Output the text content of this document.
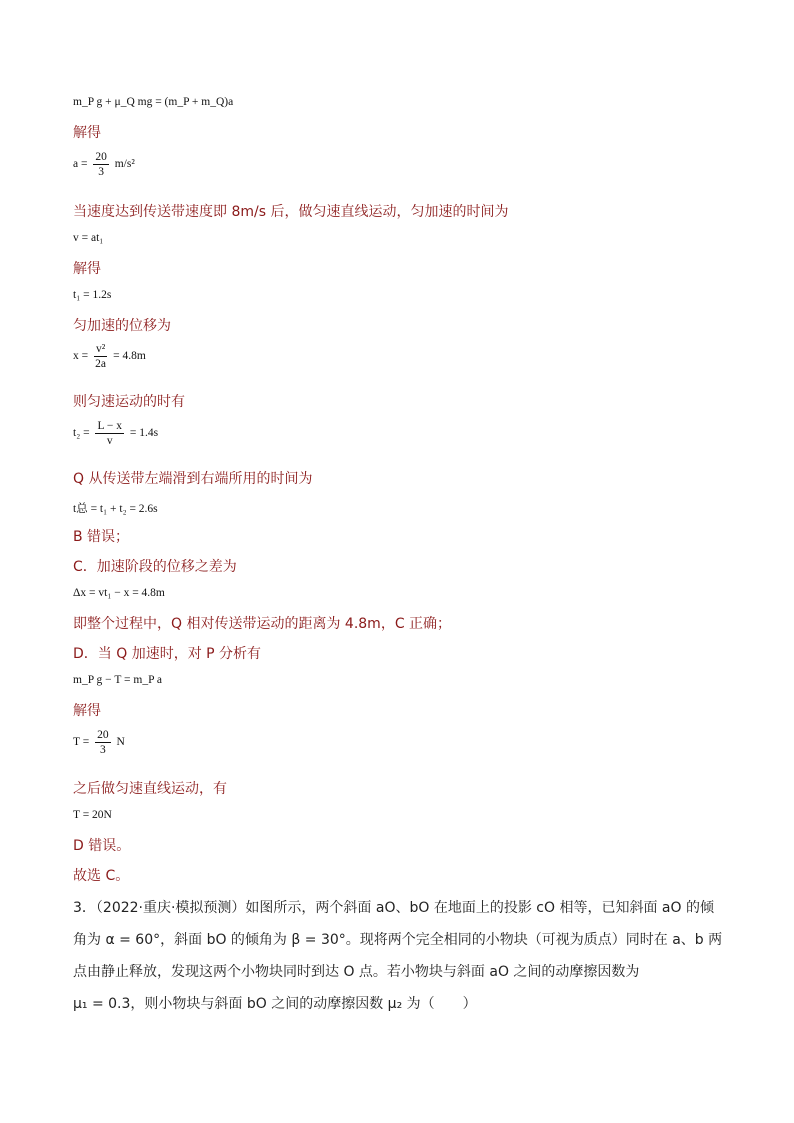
m_P g + μ_Q mg = (m_P + m_Q)a
解得
$a = \frac{20}{3} m/s^2$
当速度达到传送带速度即 8m/s 后，做匀速直线运动，匀加速的时间为
v = at₁
解得
t₁ = 1.2s
匀加速的位移为
$x = \frac{\text{v²}}{2a} = 4.8m$
则匀速运动的时有
$t_2 = \frac{L - x}{v} = 1.4s$
Q 从传送带左端滑到右端所用的时间为
t总 = t₁ + t₂ = 2.6s
B 错误；
C．加速阶段的位移之差为
Δx = vt₁ − x = 4.8m
即整个过程中，Q 相对传送带运动的距离为 4.8m，C 正确；
D．当 Q 加速时，对 P 分析有
m_P g − T = m_P a
解得
$T = \frac{20}{3}$ N
之后做匀速直线运动，有
T = 20N
D 错误。
故选 C。
3．（2022·重庆·模拟预测）如图所示，两个斜面 aO、bO 在地面上的投影 cO 相等，已知斜面 aO 的倾
角为 α = 60°，斜面 bO 的倾角为 β = 30°。现将两个完全相同的小物块（可视为质点）同时在 a、b 两
点由静止释放，发现这两个小物块同时到达 O 点。若小物块与斜面 aO 之间的动摩擦因数为
μ₁ = 0.3，则小物块与斜面 bO 之间的动摩擦因数 μ₂ 为（　　）
